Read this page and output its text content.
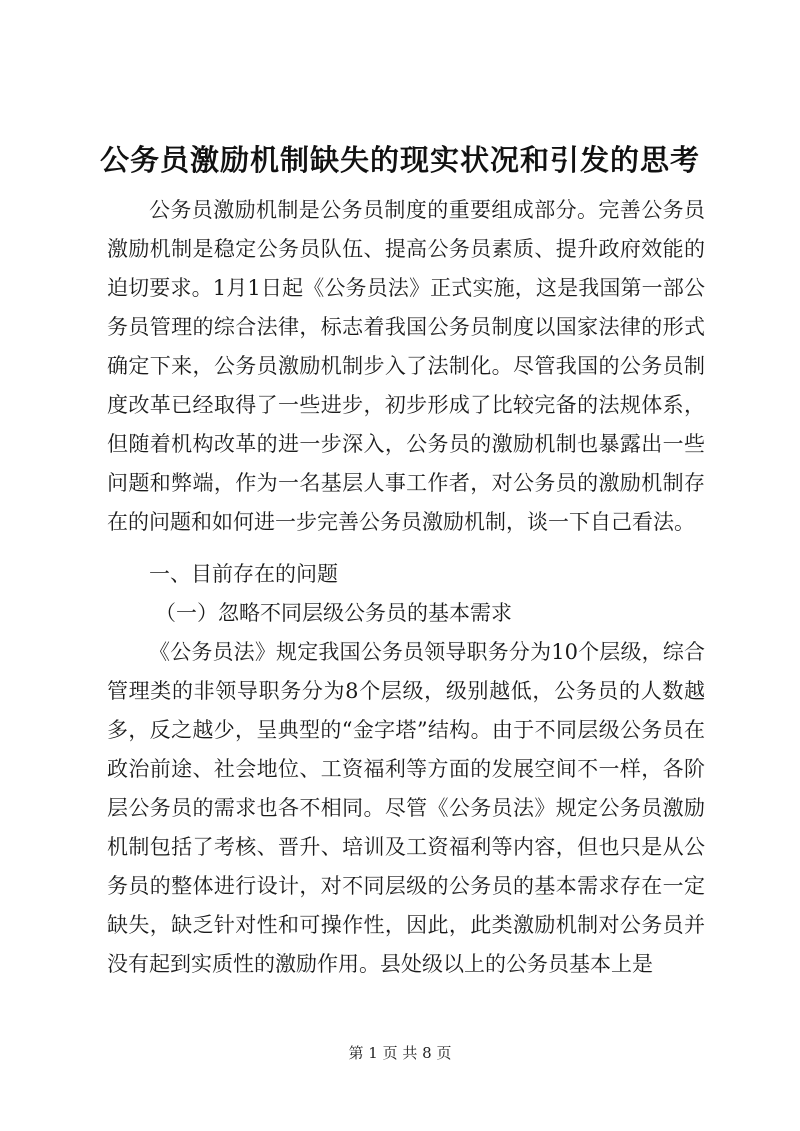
公务员激励机制缺失的现实状况和引发的思考

公务员激励机制是公务员制度的重要组成部分。完善公务员激励机制是稳定公务员队伍、提高公务员素质、提升政府效能的迫切要求。1月1日起《公务员法》正式实施，这是我国第一部公务员管理的综合法律，标志着我国公务员制度以国家法律的形式确定下来，公务员激励机制步入了法制化。尽管我国的公务员制度改革已经取得了一些进步，初步形成了比较完备的法规体系，但随着机构改革的进一步深入，公务员的激励机制也暴露出一些问题和弊端，作为一名基层人事工作者，对公务员的激励机制存在的问题和如何进一步完善公务员激励机制，谈一下自己看法。

一、目前存在的问题

（一）忽略不同层级公务员的基本需求

《公务员法》规定我国公务员领导职务分为10个层级，综合管理类的非领导职务分为8个层级，级别越低，公务员的人数越多，反之越少，呈典型的“金字塔”结构。由于不同层级公务员在政治前途、社会地位、工资福利等方面的发展空间不一样，各阶层公务员的需求也各不相同。尽管《公务员法》规定公务员激励机制包括了考核、晋升、培训及工资福利等内容，但也只是从公务员的整体进行设计，对不同层级的公务员的基本需求存在一定缺失，缺乏针对性和可操作性，因此，此类激励机制对公务员并没有起到实质性的激励作用。县处级以上的公务员基本上是

第 1 页 共 8 页
